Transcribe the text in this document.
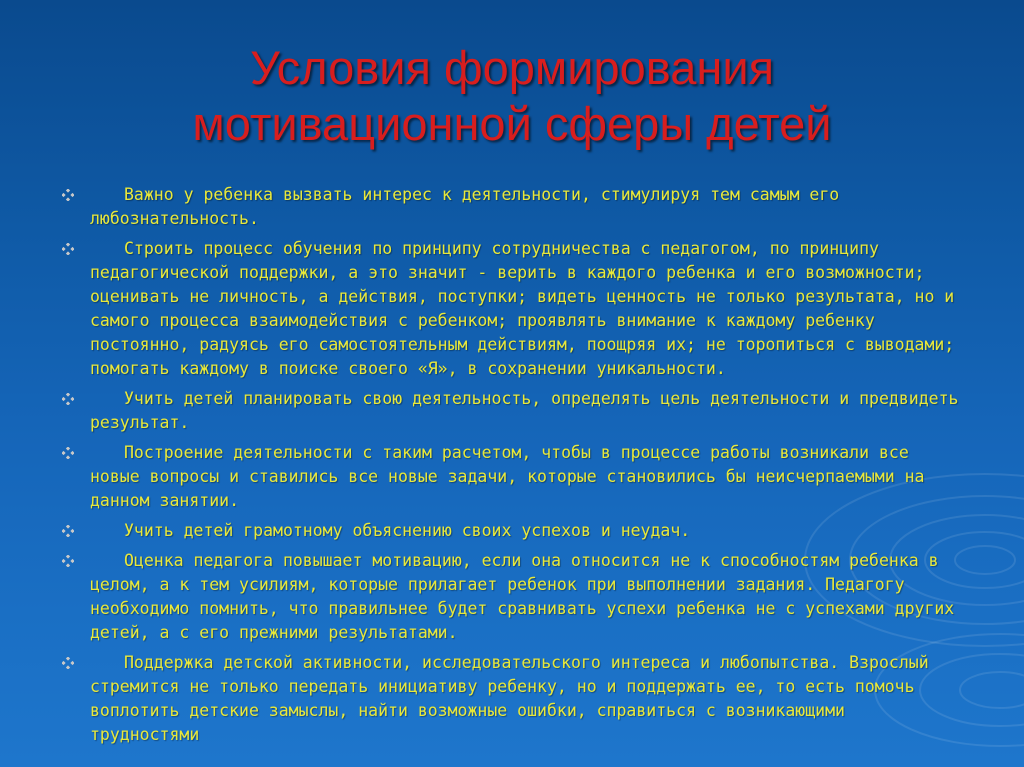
Условия формирования
мотивационной сферы детей
Важно у ребенка вызвать интерес к деятельности, стимулируя тем самым его любознательность.
Строить процесс обучения по принципу сотрудничества с педагогом, по принципу педагогической поддержки, а это значит - верить в каждого ребенка и его возможности; оценивать не личность, а действия, поступки; видеть ценность не только результата, но и самого процесса взаимодействия с ребенком; проявлять внимание к каждому ребенку постоянно, радуясь его самостоятельным действиям, поощряя их; не торопиться с выводами; помогать каждому в поиске своего «Я», в сохранении уникальности.
Учить детей планировать свою деятельность, определять цель деятельности и предвидеть результат.
Построение деятельности с таким расчетом, чтобы в процессе работы возникали все новые вопросы и ставились все новые задачи, которые становились бы неисчерпаемыми на данном занятии.
Учить детей грамотному объяснению своих успехов и неудач.
Оценка педагога повышает мотивацию, если она относится не к способностям ребенка в целом, а к тем усилиям, которые прилагает ребенок при выполнении задания. Педагогу необходимо помнить, что правильнее будет сравнивать успехи ребенка не с успехами других детей, а с его прежними результатами.
Поддержка детской активности, исследовательского интереса и любопытства. Взрослый стремится не только передать инициативу ребенку, но и поддержать ее, то есть помочь воплотить детские замыслы, найти возможные ошибки, справиться с возникающими трудностями
